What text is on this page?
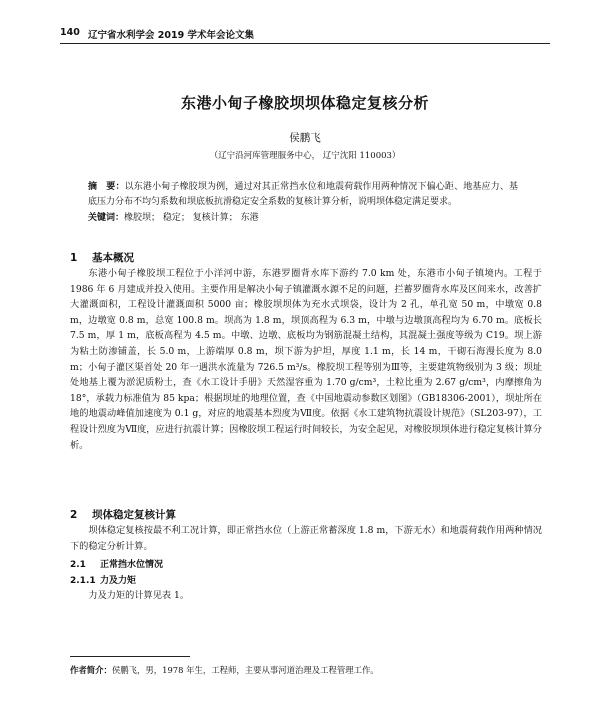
140 辽宁省水利学会 2019 学术年会论文集
东港小甸子橡胶坝坝体稳定复核分析
侯鹏飞
（辽宁沿河库管理服务中心， 辽宁沈阳 110003）
摘　要：以东港小甸子橡胶坝为例，通过对其正常挡水位和地震荷载作用两种情况下偏心距、地基应力、基底压力分布不均匀系数和坝底板抗滑稳定安全系数的复核计算分析，说明坝体稳定满足要求。
关键词：橡胶坝； 稳定； 复核计算； 东港
1 基本概况

东港小甸子橡胶坝工程位于小洋河中游，东港罗圈背水库下游约 7.0 km 处，东港市小甸子镇境内。工程于 1986 年 6 月建成并投入使用。主要作用是解决小甸子镇灌溉水源不足的问题，拦蓄罗圈背水库及区间来水，改善扩大灌溉面积，工程设计灌溉面积 5000 亩；橡胶坝坝体为充水式坝袋，设计为 2 孔，单孔宽 50 m，中墩宽 0.8 m，边墩宽 0.8 m，总宽 100.8 m。坝高为 1.8 m，坝顶高程为 6.3 m，中墩与边墩顶高程均为 6.70 m。底板长 7.5 m，厚 1 m，底板高程为 4.5 m。中墩、边墩、底板均为钢筋混凝土结构，其混凝土强度等级为 C19。坝上游为粘土防渗铺盖，长 5.0 m，上游端厚 0.8 m，坝下游为护坦，厚度 1.1 m，长 14 m，干砌石海漫长度为 8.0 m；小甸子灌区渠首处 20 年一遇洪水流量为 726.5 m³/s。橡胶坝工程等别为Ⅲ等，主要建筑物级别为 3 级；坝址处地基上覆为淤泥质粉土，查《水工设计手册》天然湿容重为 1.70 g/cm³，土粒比重为 2.67 g/cm³，内摩擦角为 18°，承载力标准值为 85 kpa；根据坝址的地理位置，查《中国地震动参数区划图》（GB18306-2001），坝址所在地的地震动峰值加速度为 0.1 g，对应的地震基本烈度为Ⅶ度。依据《水工建筑物抗震设计规范》（SL203-97），工程设计烈度为Ⅶ度，应进行抗震计算；因橡胶坝工程运行时间较长，为安全起见，对橡胶坝坝体进行稳定复核计算分析。

2 坝体稳定复核计算

坝体稳定复核按最不利工况计算，即正常挡水位（上游正常蓄深度 1.8 m，下游无水）和地震荷载作用两种情况下的稳定分析计算。

2.1 正常挡水位情况
2.1.1 力及力矩

力及力矩的计算见表 1。

作者简介：侯鹏飞，男，1978 年生，工程师，主要从事河道治理及工程管理工作。
